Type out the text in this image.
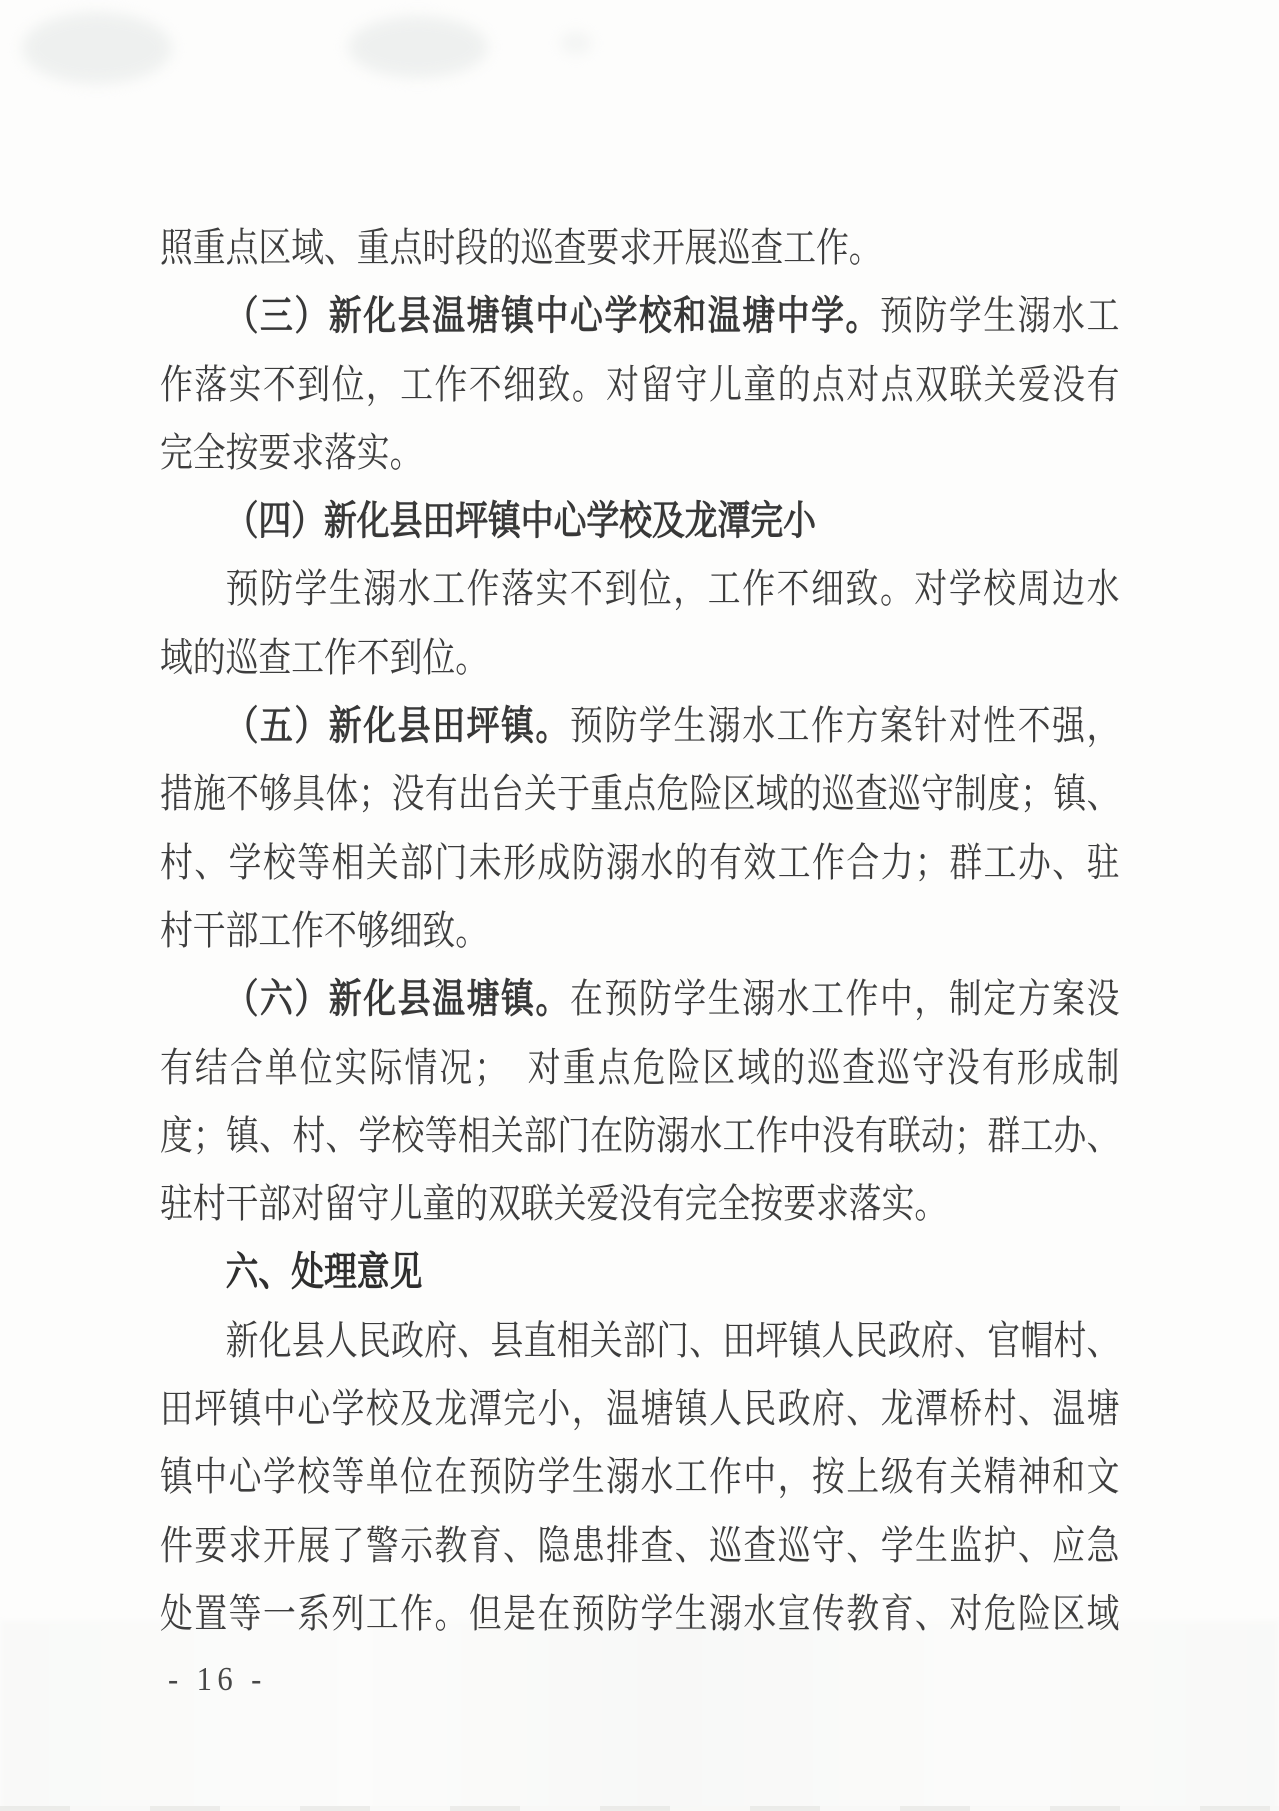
照重点区域、重点时段的巡查要求开展巡查工作。
（三）新化县温塘镇中心学校和温塘中学。预防学生溺水工
作落实不到位，工作不细致。对留守儿童的点对点双联关爱没有
完全按要求落实。
（四）新化县田坪镇中心学校及龙潭完小
预防学生溺水工作落实不到位，工作不细致。对学校周边水
域的巡查工作不到位。
（五）新化县田坪镇。预防学生溺水工作方案针对性不强，
措施不够具体；没有出台关于重点危险区域的巡查巡守制度；镇、
村、学校等相关部门未形成防溺水的有效工作合力；群工办、驻
村干部工作不够细致。
（六）新化县温塘镇。在预防学生溺水工作中，制定方案没
有结合单位实际情况；　对重点危险区域的巡查巡守没有形成制
度；镇、村、学校等相关部门在防溺水工作中没有联动；群工办、
驻村干部对留守儿童的双联关爱没有完全按要求落实。
六、处理意见
新化县人民政府、县直相关部门、田坪镇人民政府、官帽村、
田坪镇中心学校及龙潭完小，温塘镇人民政府、龙潭桥村、温塘
镇中心学校等单位在预防学生溺水工作中，按上级有关精神和文
件要求开展了警示教育、隐患排查、巡查巡守、学生监护、应急
处置等一系列工作。但是在预防学生溺水宣传教育、对危险区域
- 16 -
